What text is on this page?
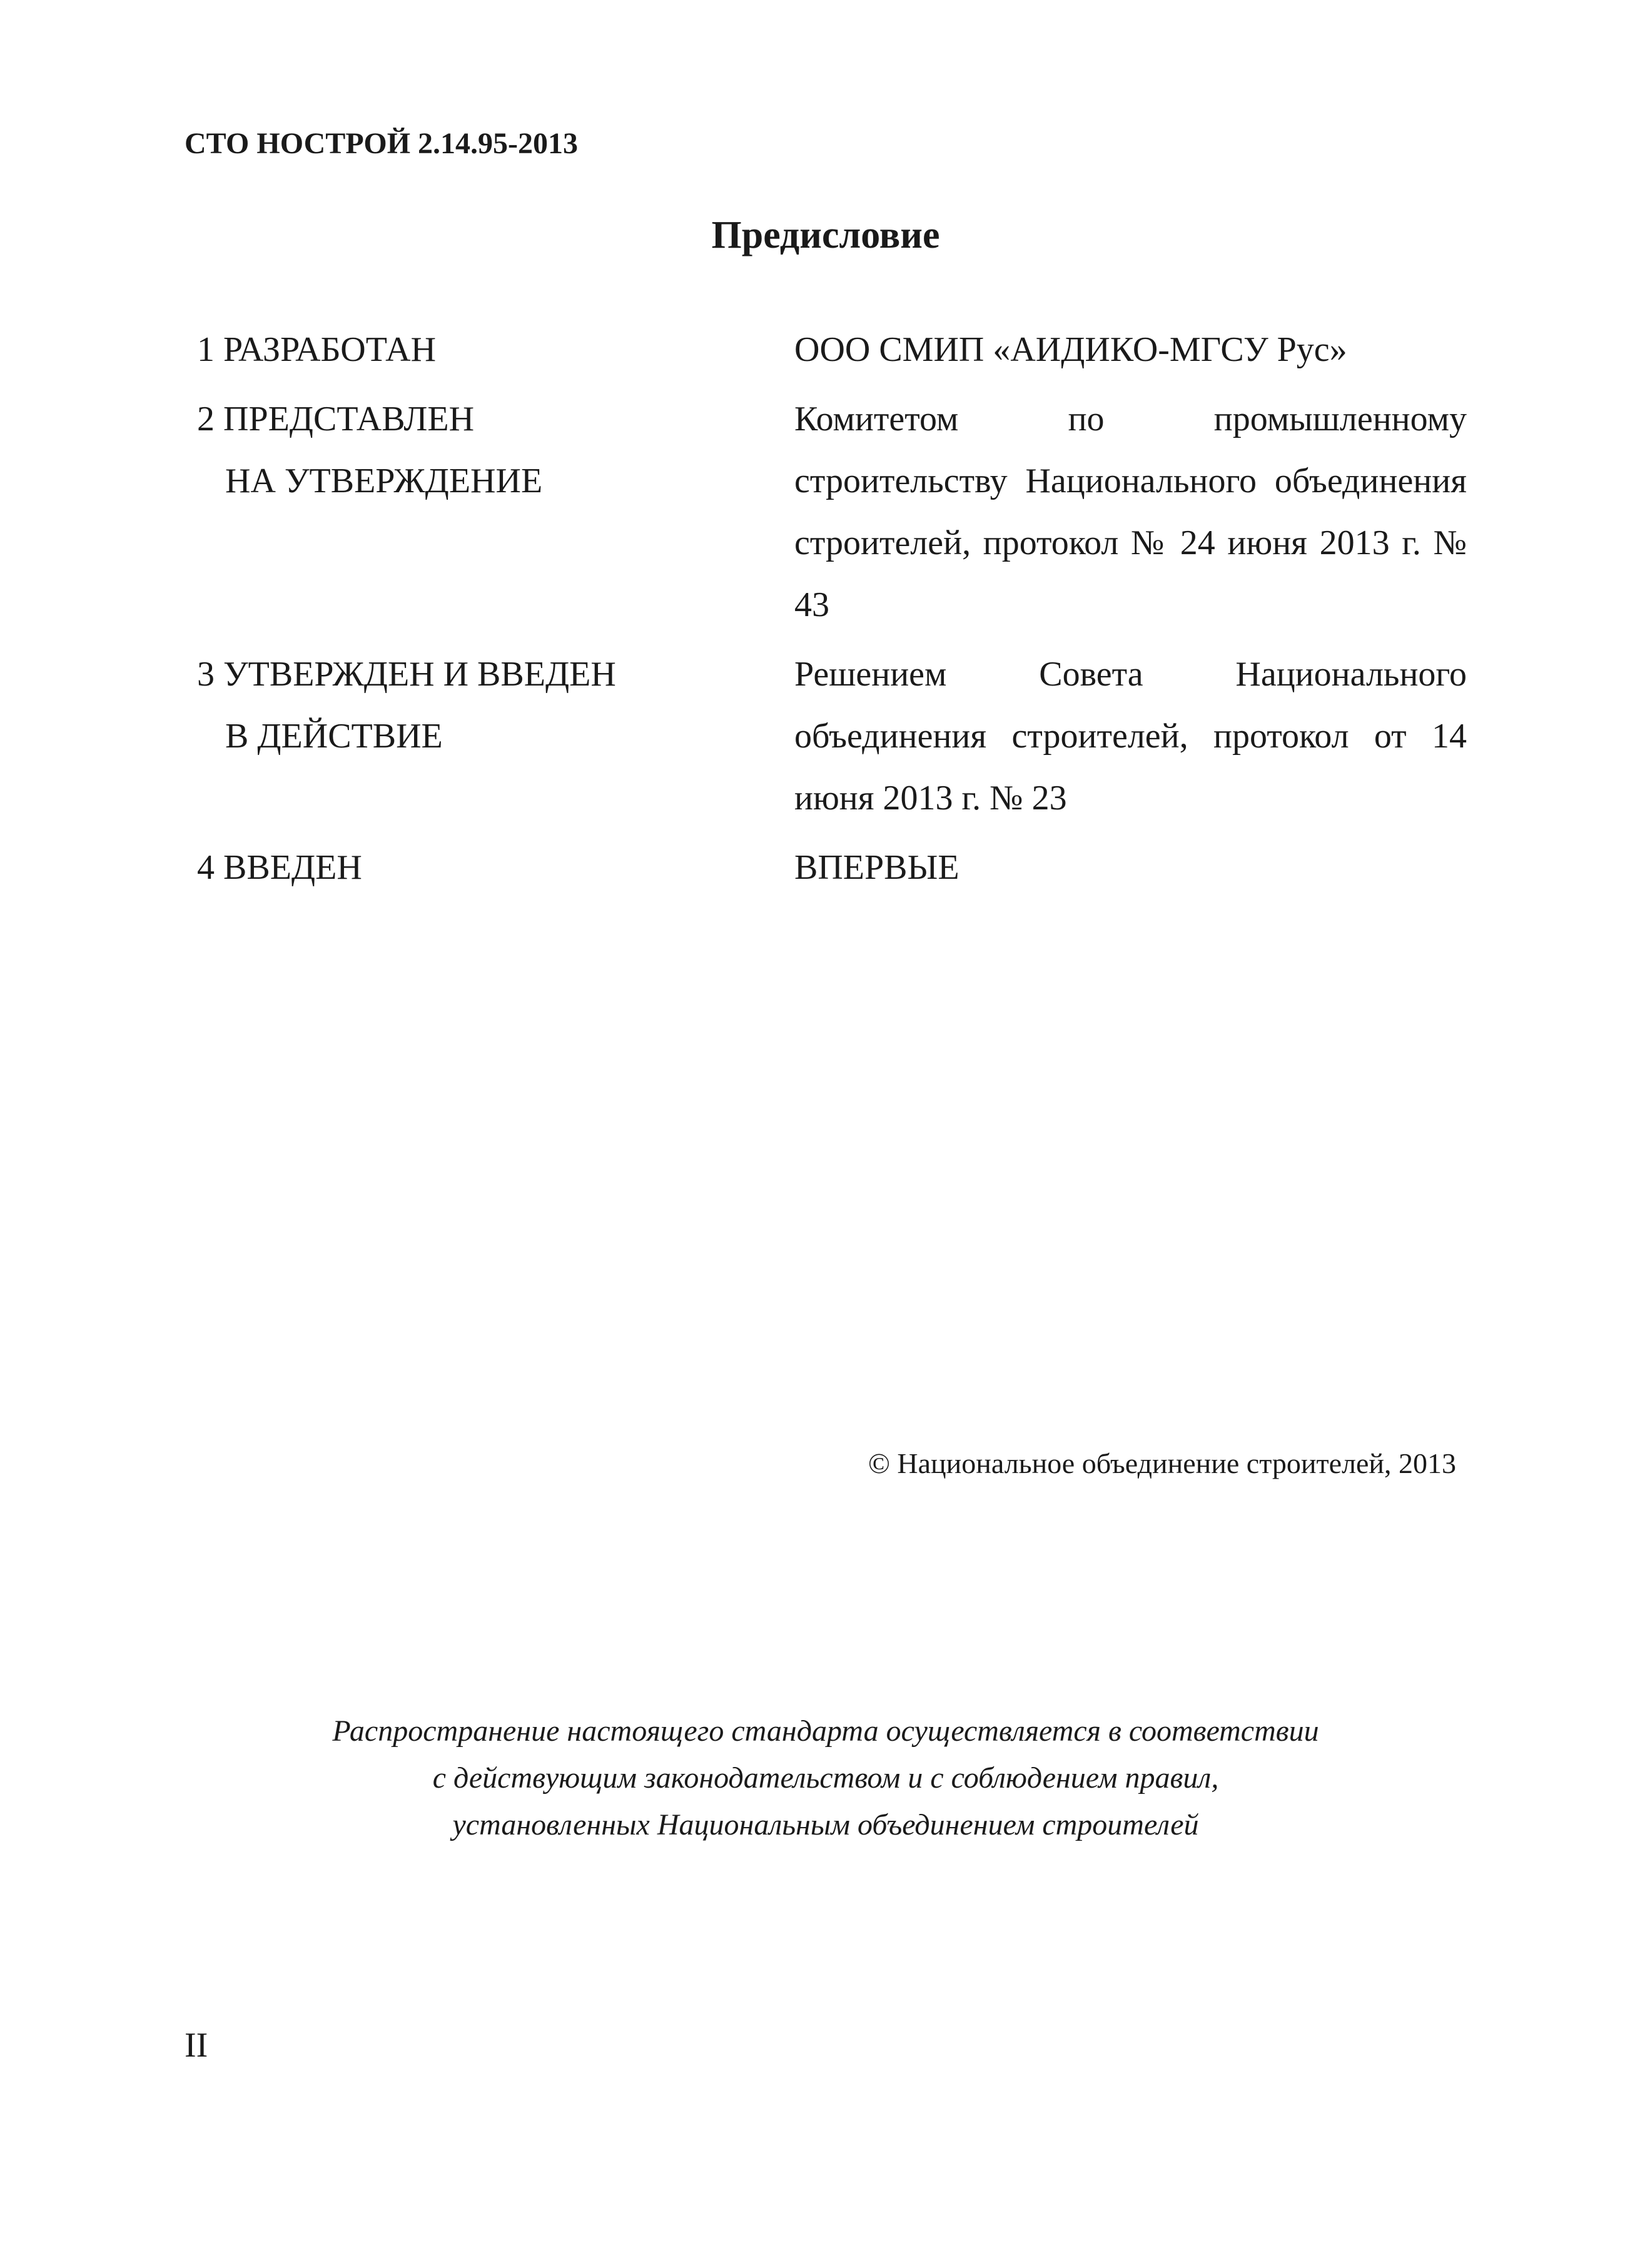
СТО НОСТРОЙ 2.14.95-2013
Предисловие
1 РАЗРАБОТАН	ООО СМИП «АИДИКО-МГСУ Рус»
2 ПРЕДСТАВЛЕН
НА УТВЕРЖДЕНИЕ
Комитетом по промышленному строительству Национального объединения строителей, протокол № 24 июня 2013 г. № 43
3 УТВЕРЖДЕН И ВВЕДЕН
В ДЕЙСТВИЕ
Решением Совета Национального объединения строителей, протокол от 14 июня 2013 г. № 23
4 ВВЕДЕН	ВПЕРВЫЕ
© Национальное объединение строителей, 2013
Распространение настоящего стандарта осуществляется в соответствии
с действующим законодательством и с соблюдением правил,
установленных Национальным объединением строителей
II
